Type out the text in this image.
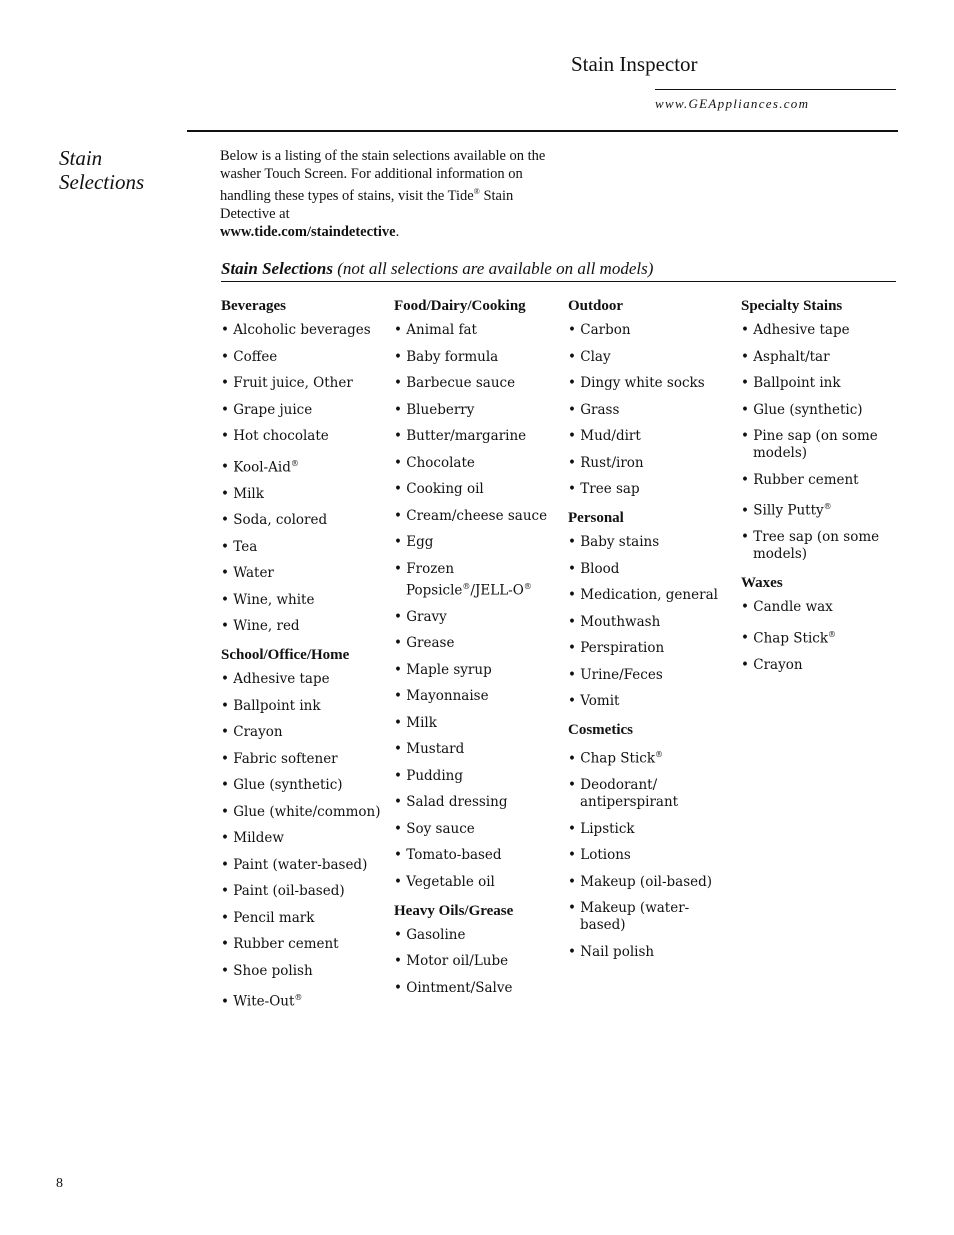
Stain Inspector
www.GEAppliances.com
Stain
Selections
Below is a listing of the stain selections available on the washer Touch Screen. For additional information on handling these types of stains, visit the Tide® Stain Detective at
www.tide.com/staindetective.
Stain Selections (not all selections are available on all models)
Beverages
• Alcoholic beverages
• Coffee
• Fruit juice, Other
• Grape juice
• Hot chocolate
• Kool-Aid®
• Milk
• Soda, colored
• Tea
• Water
• Wine, white
• Wine, red
School/Office/Home
• Adhesive tape
• Ballpoint ink
• Crayon
• Fabric softener
• Glue (synthetic)
• Glue (white/common)
• Mildew
• Paint (water-based)
• Paint (oil-based)
• Pencil mark
• Rubber cement
• Shoe polish
• Wite-Out®
Food/Dairy/Cooking
• Animal fat
• Baby formula
• Barbecue sauce
• Blueberry
• Butter/margarine
• Chocolate
• Cooking oil
• Cream/cheese sauce
• Egg
• Frozen Popsicle®/JELL-O®
• Gravy
• Grease
• Maple syrup
• Mayonnaise
• Milk
• Mustard
• Pudding
• Salad dressing
• Soy sauce
• Tomato-based
• Vegetable oil
Heavy Oils/Grease
• Gasoline
• Motor oil/Lube
• Ointment/Salve
Outdoor
• Carbon
• Clay
• Dingy white socks
• Grass
• Mud/dirt
• Rust/iron
• Tree sap
Personal
• Baby stains
• Blood
• Medication, general
• Mouthwash
• Perspiration
• Urine/Feces
• Vomit
Cosmetics
• Chap Stick®
• Deodorant/ antiperspirant
• Lipstick
• Lotions
• Makeup (oil-based)
• Makeup (water-based)
• Nail polish
Specialty Stains
• Adhesive tape
• Asphalt/tar
• Ballpoint ink
• Glue (synthetic)
• Pine sap (on some models)
• Rubber cement
• Silly Putty®
• Tree sap (on some models)
Waxes
• Candle wax
• Chap Stick®
• Crayon
8
